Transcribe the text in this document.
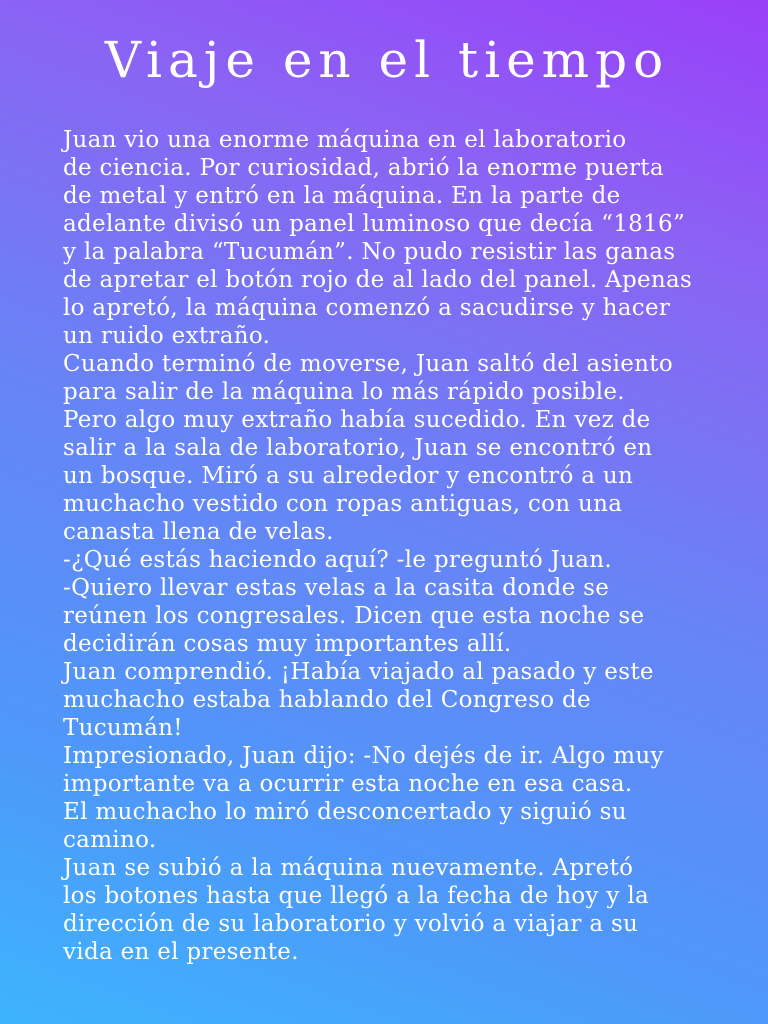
Viaje en el tiempo
Juan vio una enorme máquina en el laboratorio
de ciencia. Por curiosidad, abrió la enorme puerta
de metal y entró en la máquina. En la parte de
adelante divisó un panel luminoso que decía “1816”
y la palabra “Tucumán”. No pudo resistir las ganas
de apretar el botón rojo de al lado del panel. Apenas
lo apretó, la máquina comenzó a sacudirse y hacer
un ruido extraño.
Cuando terminó de moverse, Juan saltó del asiento
para salir de la máquina lo más rápido posible.
Pero algo muy extraño había sucedido. En vez de
salir a la sala de laboratorio, Juan se encontró en
un bosque. Miró a su alrededor y encontró a un
muchacho vestido con ropas antiguas, con una
canasta llena de velas.
-¿Qué estás haciendo aquí? -le preguntó Juan.
-Quiero llevar estas velas a la casita donde se
reúnen los congresales. Dicen que esta noche se
decidirán cosas muy importantes allí.
Juan comprendió. ¡Había viajado al pasado y este
muchacho estaba hablando del Congreso de
Tucumán!
Impresionado, Juan dijo: -No dejés de ir. Algo muy
importante va a ocurrir esta noche en esa casa.
El muchacho lo miró desconcertado y siguió su
camino.
Juan se subió a la máquina nuevamente. Apretó
los botones hasta que llegó a la fecha de hoy y la
dirección de su laboratorio y volvió a viajar a su
vida en el presente.
